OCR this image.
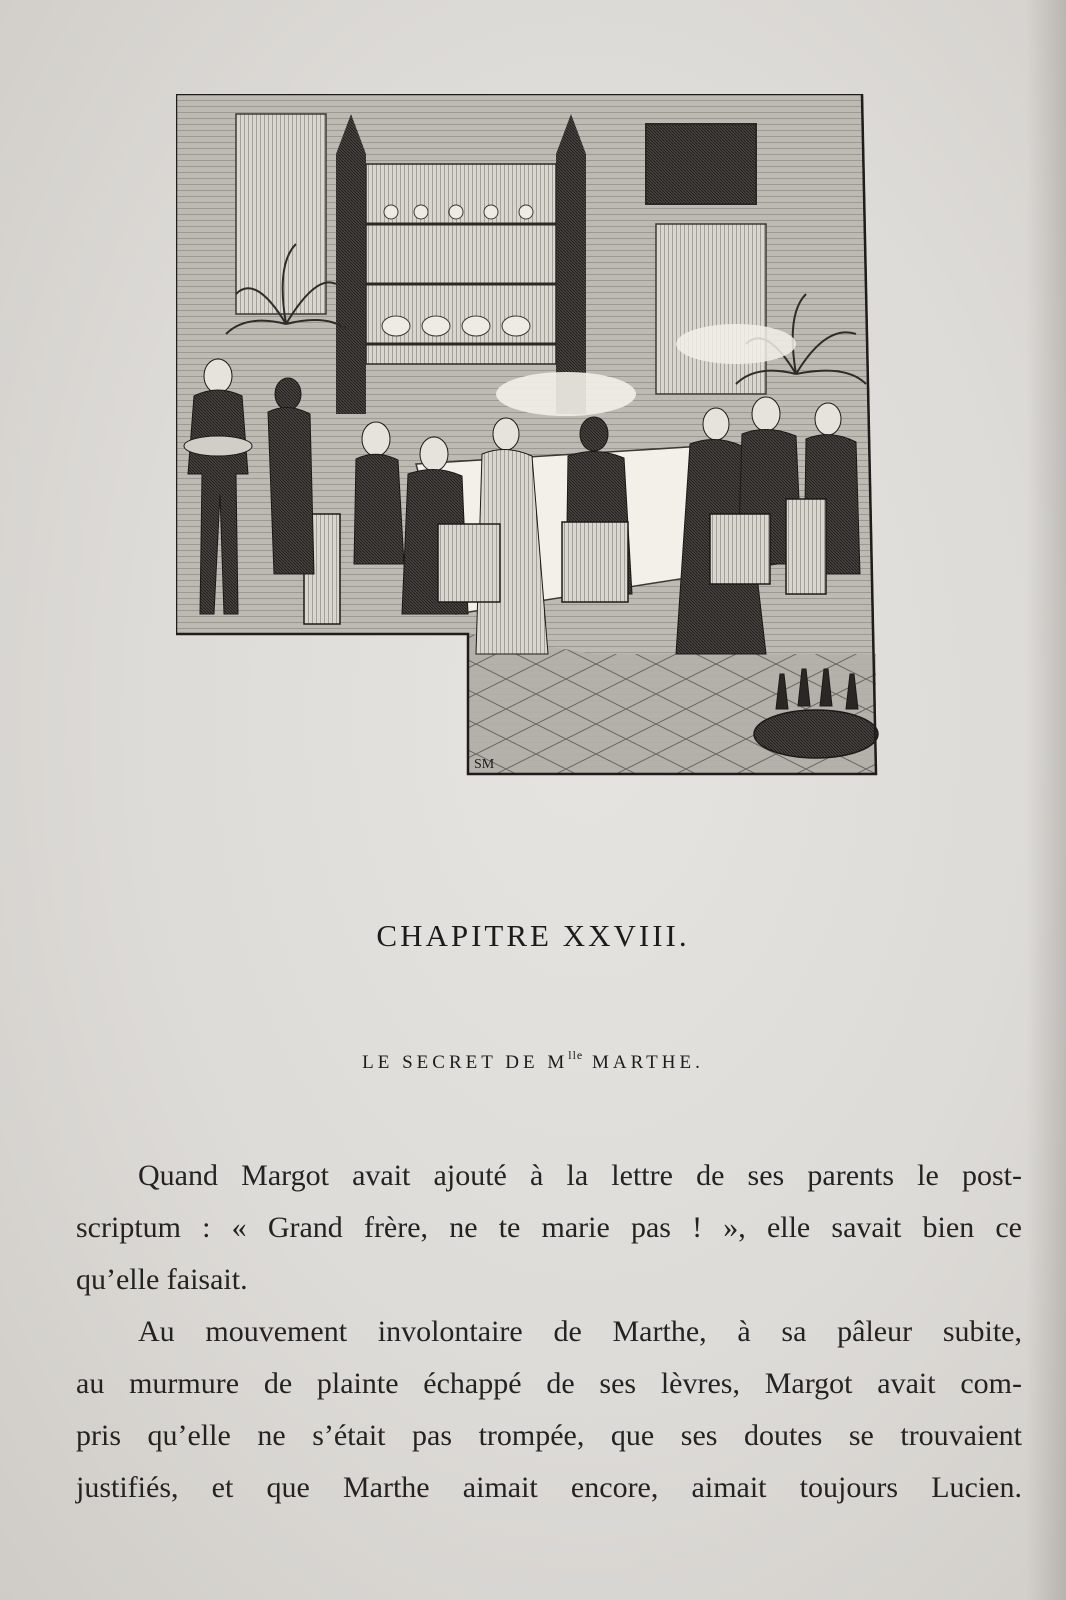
SM
CHAPITRE XXVIII.
LE SECRET DE $M^{lle}$ MARTHE.

Quand Margot avait ajouté à la lettre de ses parents le post-
scriptum : « Grand frère, ne te marie pas ! », elle savait bien ce
qu’elle faisait.

Au mouvement involontaire de Marthe, à sa pâleur subite,
au murmure de plainte échappé de ses lèvres, Margot avait com-
pris qu’elle ne s’était pas trompée, que ses doutes se trouvaient
justifiés, et que Marthe aimait encore, aimait toujours Lucien.
